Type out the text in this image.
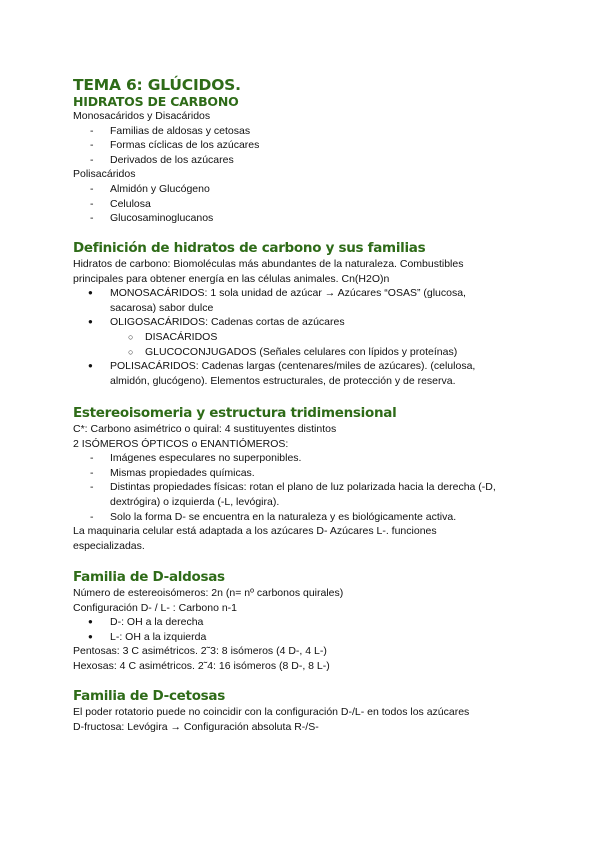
TEMA 6: GLÚCIDOS.
HIDRATOS DE CARBONO
Monosacáridos y Disacáridos
- Familias de aldosas y cetosas
- Formas cíclicas de los azúcares
- Derivados de los azúcares
Polisacáridos
- Almidón y Glucógeno
- Celulosa
- Glucosaminoglucanos
Definición de hidratos de carbono y sus familias
Hidratos de carbono: Biomoléculas más abundantes de la naturaleza. Combustibles
principales para obtener energía en las células animales. Cn(H2O)n
● MONOSACÁRIDOS: 1 sola unidad de azúcar → Azúcares “OSAS” (glucosa,
sacarosa) sabor dulce
● OLIGOSACÁRIDOS: Cadenas cortas de azúcares
○ DISACÁRIDOS
○ GLUCOCONJUGADOS (Señales celulares con lípidos y proteínas)
● POLISACÁRIDOS: Cadenas largas (centenares/miles de azúcares). (celulosa,
almidón, glucógeno). Elementos estructurales, de protección y de reserva.
Estereoisomeria y estructura tridimensional
C*: Carbono asimétrico o quiral: 4 sustituyentes distintos
2 ISÓMEROS ÓPTICOS o ENANTIÓMEROS:
- Imágenes especulares no superponibles.
- Mismas propiedades químicas.
- Distintas propiedades físicas: rotan el plano de luz polarizada hacia la derecha (-D,
dextrógira) o izquierda (-L, levógira).
- Solo la forma D- se encuentra en la naturaleza y es biológicamente activa.
La maquinaria celular está adaptada a los azúcares D- Azúcares L-. funciones
especializadas.
Familia de D-aldosas
Número de estereoisómeros: 2n (n= nº carbonos quirales)
Configuración D- / L- : Carbono n-1
● D-: OH a la derecha
● L-: OH a la izquierda
Pentosas: 3 C asimétricos. 2˜3: 8 isómeros (4 D-, 4 L-)
Hexosas: 4 C asimétricos. 2˜4: 16 isómeros (8 D-, 8 L-)
Familia de D-cetosas
El poder rotatorio puede no coincidir con la configuración D-/L- en todos los azúcares
D-fructosa: Levógira → Configuración absoluta R-/S-
